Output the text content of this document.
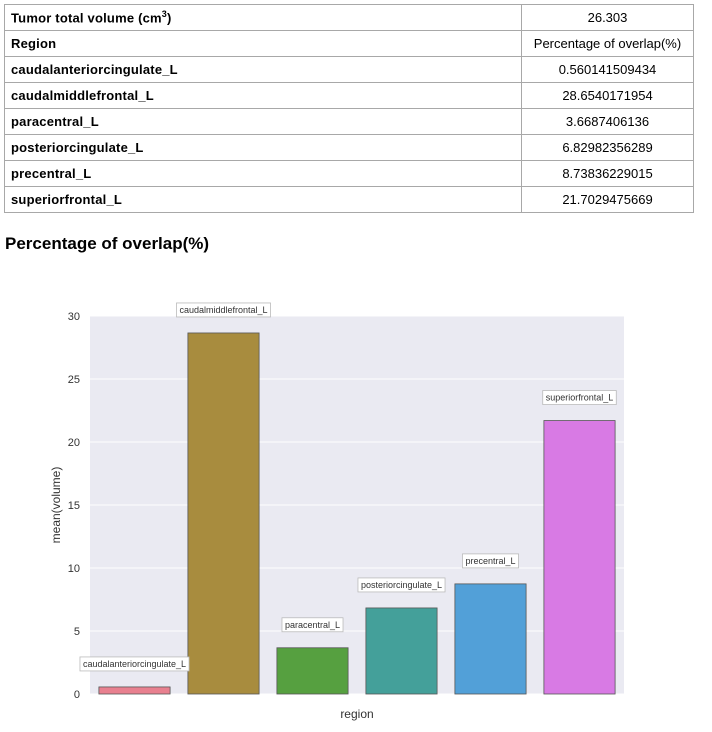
Tumor total volume $(cm^3)$	26.303
Region	Percentage of overlap(%)
caudalanteriorcingulate_L	0.560141509434
caudalmiddlefrontal_L	28.6540171954
paracentral_L	3.6687406136
posteriorcingulate_L	6.82982356289
precentral_L	8.73836229015
superiorfrontal_L	21.7029475669
Percentage of overlap(%)
0
5
10
15
20
25
30
caudalanteriorcingulate_L
caudalmiddlefrontal_L
paracentral_L
posteriorcingulate_L
precentral_L
superiorfrontal_L
region
mean(volume)
